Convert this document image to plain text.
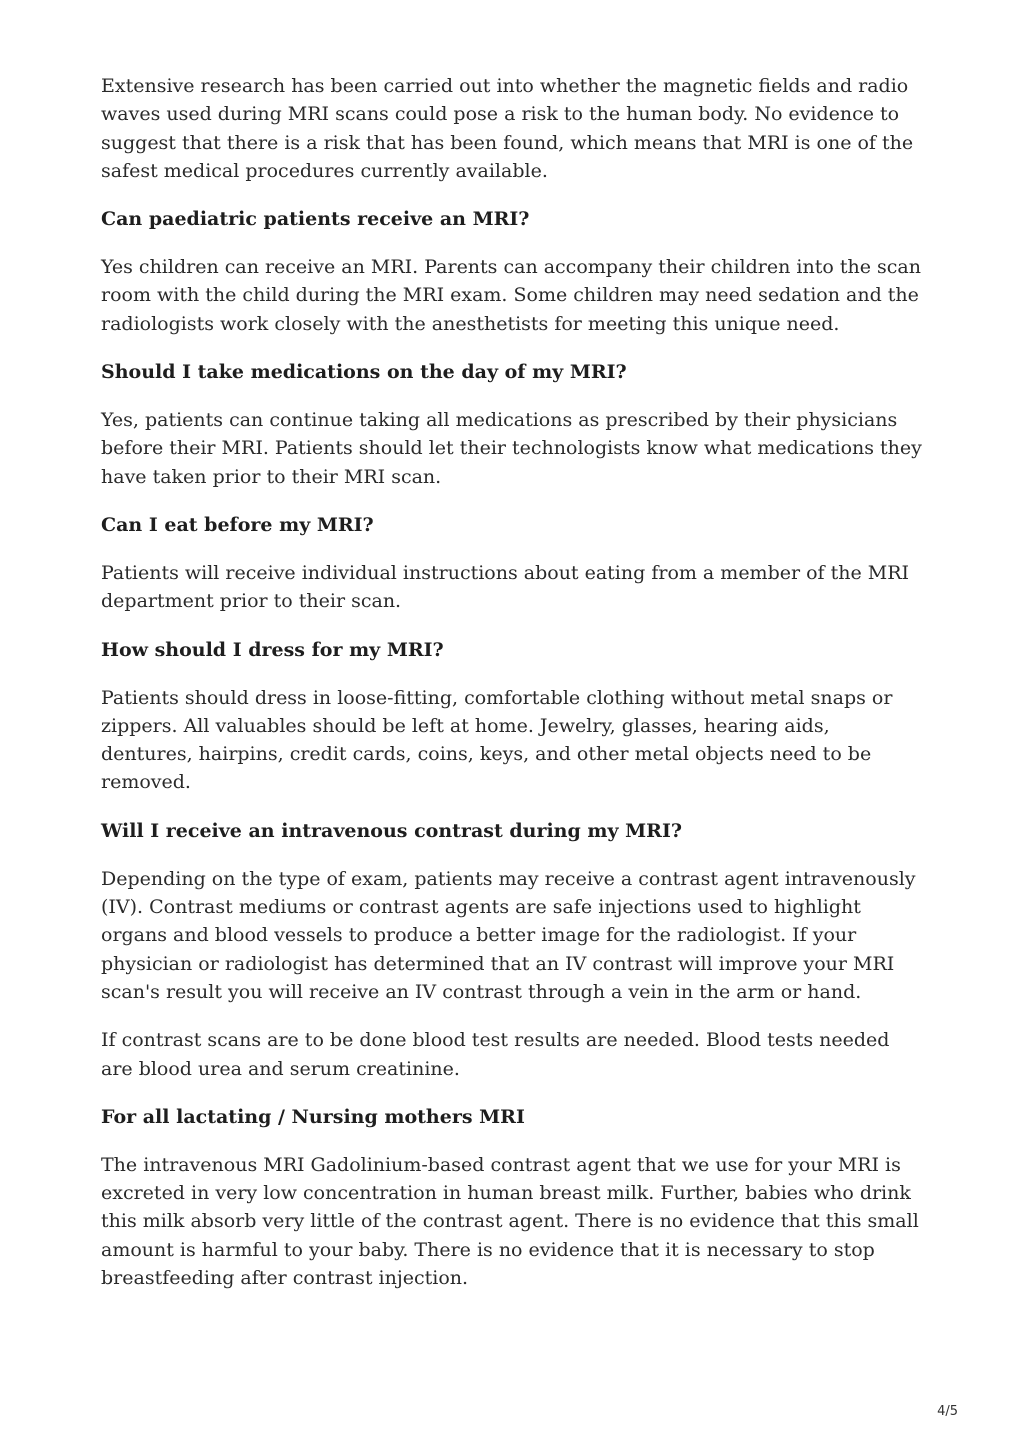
Extensive research has been carried out into whether the magnetic fields and radio waves used during MRI scans could pose a risk to the human body. No evidence to suggest that there is a risk that has been found, which means that MRI is one of the safest medical procedures currently available.

Can paediatric patients receive an MRI?

Yes children can receive an MRI. Parents can accompany their children into the scan room with the child during the MRI exam. Some children may need sedation and the radiologists work closely with the anesthetists for meeting this unique need.

Should I take medications on the day of my MRI?

Yes, patients can continue taking all medications as prescribed by their physicians before their MRI. Patients should let their technologists know what medications they have taken prior to their MRI scan.

Can I eat before my MRI?

Patients will receive individual instructions about eating from a member of the MRI department prior to their scan.

How should I dress for my MRI?

Patients should dress in loose-fitting, comfortable clothing without metal snaps or zippers. All valuables should be left at home. Jewelry, glasses, hearing aids, dentures, hairpins, credit cards, coins, keys, and other metal objects need to be removed.

Will I receive an intravenous contrast during my MRI?

Depending on the type of exam, patients may receive a contrast agent intravenously (IV). Contrast mediums or contrast agents are safe injections used to highlight organs and blood vessels to produce a better image for the radiologist. If your physician or radiologist has determined that an IV contrast will improve your MRI scan's result you will receive an IV contrast through a vein in the arm or hand.

If contrast scans are to be done blood test results are needed. Blood tests needed are blood urea and serum creatinine.

For all lactating / Nursing mothers MRI

The intravenous MRI Gadolinium-based contrast agent that we use for your MRI is excreted in very low concentration in human breast milk. Further, babies who drink this milk absorb very little of the contrast agent. There is no evidence that this small amount is harmful to your baby. There is no evidence that it is necessary to stop breastfeeding after contrast injection.

4/5
